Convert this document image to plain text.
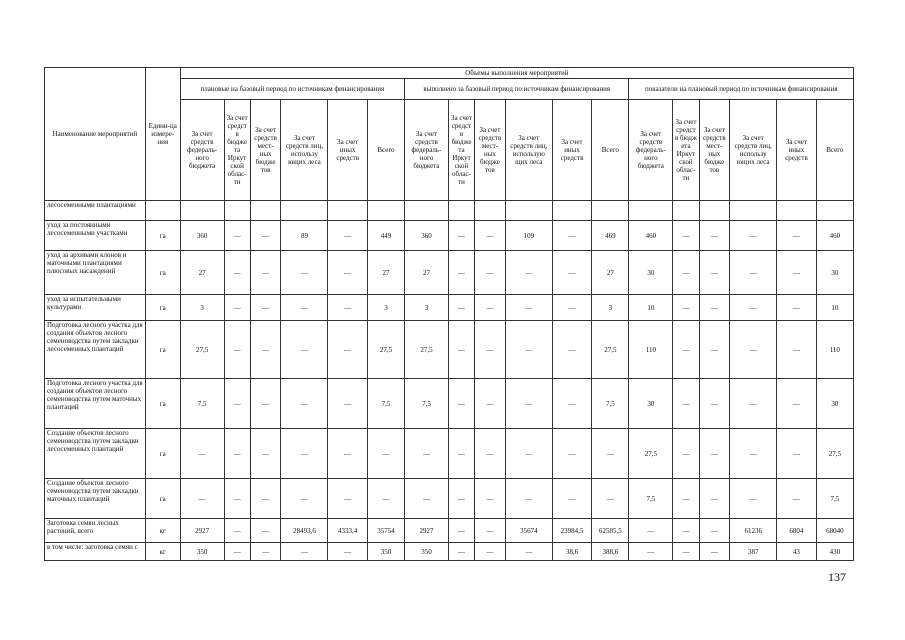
Наименование мероприятий	Едини-ца измере-ния	Объемы выполнения мероприятий																	
		плановые на базовый период по источникам финансирования						выполнено за базовый период по источникам финансирования						показатели на плановый период по источникам финансирования					
		За счет средств федераль-ного бюджета	За счет средст в бюдже та Иркут ской облас-ти	За счет средств мест-ных бюдже тов	За счет средств лиц, использу ющих леса	За счет иных средств	Всего	За счет средств федераль-ного бюджета	За счет средст в бюдже та Иркут ской облас-ти	За счет средств мест-ных бюдже тов	За счет средств лиц, использую щих леса	За счет иных средств	Всего	За счет средств федераль-ного бюджета	За счет средст в бюдж ета Иркут ской облас-ти	За счет средств мест-ных бюдже тов	За счет средств лиц, использу ющих леса	За счет иных средств	Всего
лесосеменными плантациями																			
уход за постоянными лесосеменными участками	га	360	—	—	89	—	449	360	—	—	109	—	469	460	—	—	—	—	460
уход за архивами клонов и маточными плантациями плюсовых насаждений	га	27	—	—	—	—	27	27	—	—	—	—	27	30	—	—	—	—	30
уход за испытательными культурами	га	3	—	—	—	—	3	3	—	—	—	—	3	10	—	—	—	—	10
Подготовка лесного участка для создания объектов лесного семеноводства путем закладки лесосеменных плантаций	га	27,5	—	—	—	—	27,5	27,5	—	—	—	—	27,5	110	—	—	—	—	110
Подготовка лесного участка для создания объектов лесного семеноводства путем маточных плантаций	га	7,5	—	—	—	—	7,5	7,5	—	—	—	—	7,5	30	—	—	—	—	30
Создание объектов лесного семеноводства путем закладки лесосеменных плантаций	га	—	—	—	—	—	—	—	—	—	—	—	—	27,5	—	—	—	—	27,5
Создание объектов лесного семеноводства путем закладки маточных плантаций	га	—	—	—	—	—	—	—	—	—	—	—	—	7,5	—	—	—	—	7,5
Заготовка семян лесных растений, всего	кг	2927	—	—	28493,6	4333,4	35754	2927	—	—	35674	23984,5	62585,5	—	—	—	61236	6804	68040
в том числе: заготовка семян с	кг	350	—	—	—	—	350	350	—	—	—	38,6	388,6	—	—	—	387	43	430
137
